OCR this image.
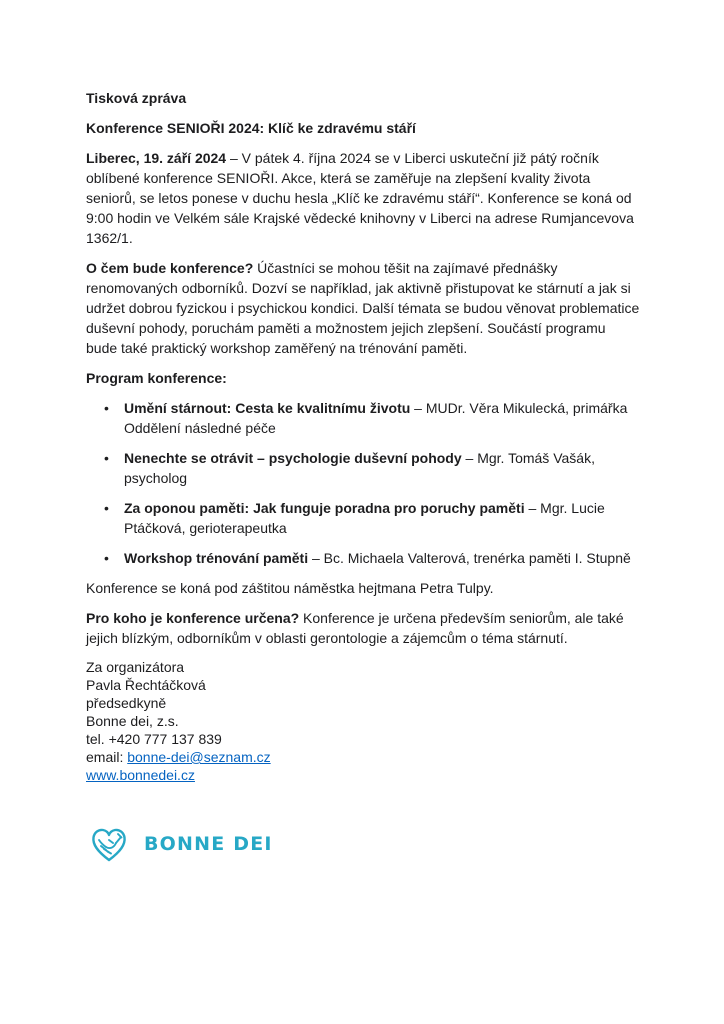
Tisková zpráva

Konference SENIOŘI 2024: Klíč ke zdravému stáří

Liberec, 19. září 2024 – V pátek 4. října 2024 se v Liberci uskuteční již pátý ročník oblíbené konference SENIOŘI. Akce, která se zaměřuje na zlepšení kvality života seniorů, se letos ponese v duchu hesla „Klíč ke zdravému stáří“. Konference se koná od 9:00 hodin ve Velkém sále Krajské vědecké knihovny v Liberci na adrese Rumjancevova 1362/1.

O čem bude konference? Účastníci se mohou těšit na zajímavé přednášky renomovaných odborníků. Dozví se například, jak aktivně přistupovat ke stárnutí a jak si udržet dobrou fyzickou i psychickou kondici. Další témata se budou věnovat problematice duševní pohody, poruchám paměti a možnostem jejich zlepšení. Součástí programu bude také praktický workshop zaměřený na trénování paměti.

Program konference:

• Umění stárnout: Cesta ke kvalitnímu životu – MUDr. Věra Mikulecká, primářka Oddělení následné péče
• Nenechte se otrávit – psychologie duševní pohody – Mgr. Tomáš Vašák, psycholog
• Za oponou paměti: Jak funguje poradna pro poruchy paměti – Mgr. Lucie Ptáčková, gerioterapeutka
• Workshop trénování paměti – Bc. Michaela Valterová, trenérka paměti I. Stupně

Konference se koná pod záštitou náměstka hejtmana Petra Tulpy.

Pro koho je konference určena? Konference je určena především seniorům, ale také jejich blízkým, odborníkům v oblasti gerontologie a zájemcům o téma stárnutí.

Za organizátora
Pavla Řechtáčková
předsedkyně
Bonne dei, z.s.
tel. +420 777 137 839
email: bonne-dei@seznam.cz
www.bonnedei.cz
BONNE DEI
